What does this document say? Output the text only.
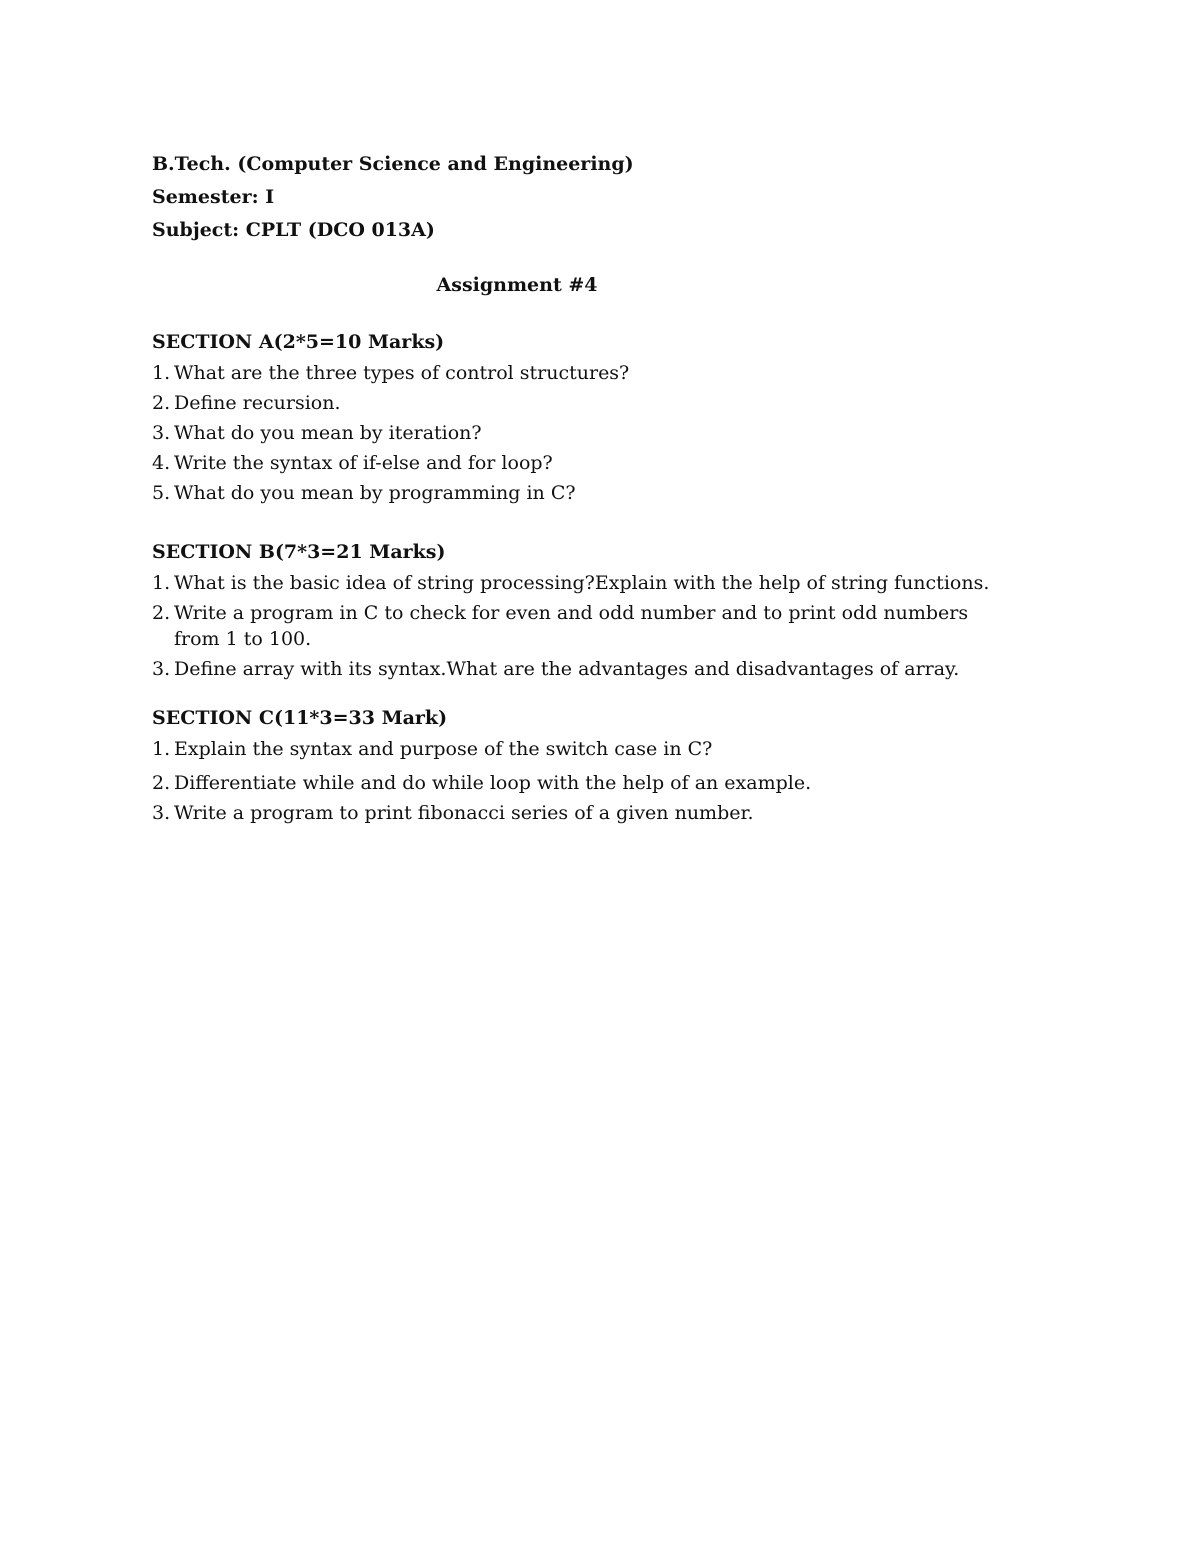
B.Tech. (Computer Science and Engineering)
Semester: I
Subject: CPLT (DCO 013A)
Assignment #4
SECTION A(2*5=10 Marks)
1. What are the three types of control structures?
2. Define recursion.
3. What do you mean by iteration?
4. Write the syntax of if-else and for loop?
5. What do you mean by programming in C?
SECTION B(7*3=21 Marks)
1. What is the basic idea of string processing?Explain with the help of string functions.
2. Write a program in C to check for even and odd number and to print odd numbers from 1 to 100.
3. Define array with its syntax.What are the advantages and disadvantages of array.
SECTION C(11*3=33 Mark)
1. Explain the syntax and purpose of the switch case in C?
2. Differentiate while and do while loop with the help of an example.
3. Write a program to print fibonacci series of a given number.
